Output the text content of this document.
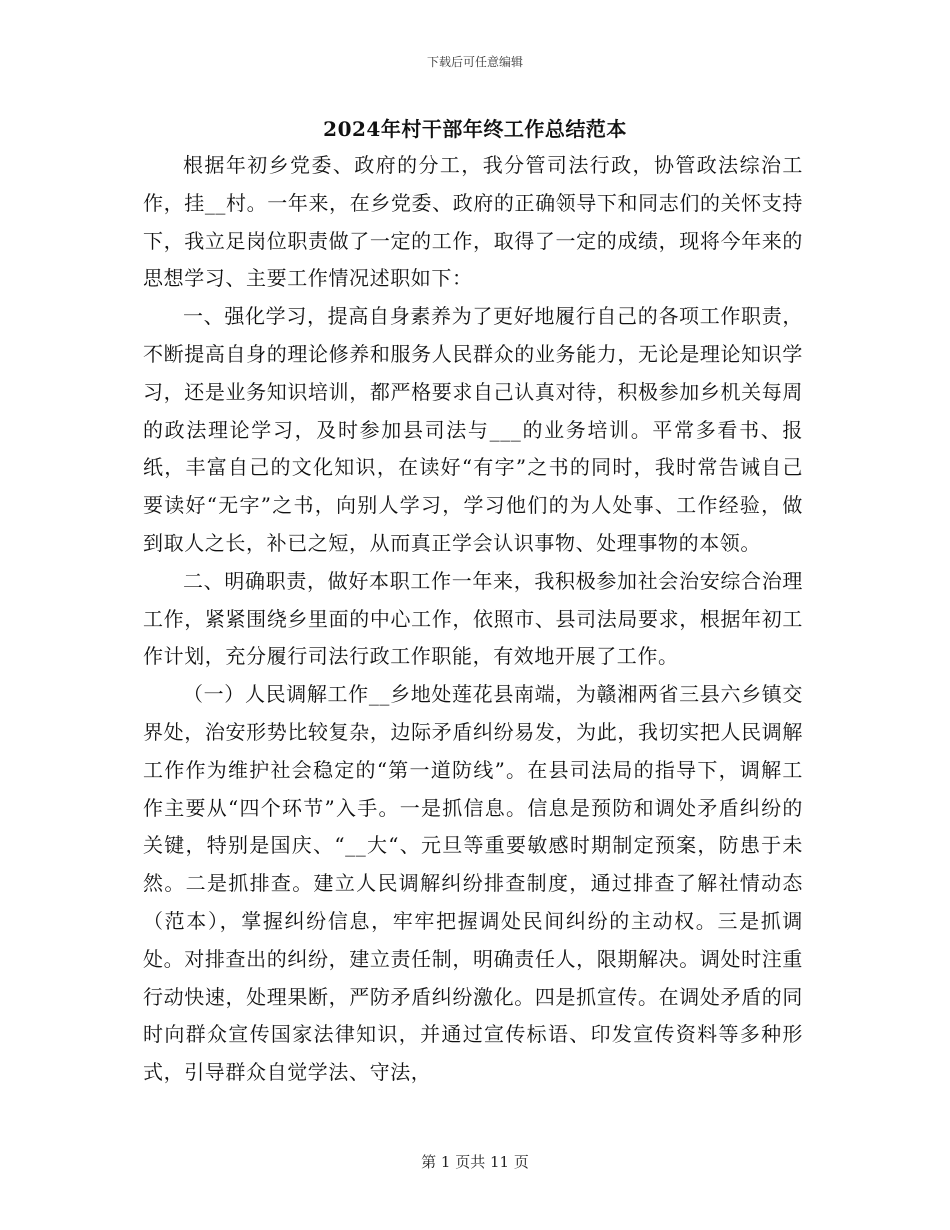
下载后可任意编辑
2024年村干部年终工作总结范本

根据年初乡党委、政府的分工，我分管司法行政，协管政法综治工作，挂__村。一年来，在乡党委、政府的正确领导下和同志们的关怀支持下，我立足岗位职责做了一定的工作，取得了一定的成绩，现将今年来的思想学习、主要工作情况述职如下：

一、强化学习，提高自身素养为了更好地履行自己的各项工作职责，不断提高自身的理论修养和服务人民群众的业务能力，无论是理论知识学习，还是业务知识培训，都严格要求自己认真对待，积极参加乡机关每周的政法理论学习，及时参加县司法与___的业务培训。平常多看书、报纸，丰富自己的文化知识，在读好“有字”之书的同时，我时常告诫自己要读好“无字”之书，向别人学习，学习他们的为人处事、工作经验，做到取人之长，补已之短，从而真正学会认识事物、处理事物的本领。

二、明确职责，做好本职工作一年来，我积极参加社会治安综合治理工作，紧紧围绕乡里面的中心工作，依照市、县司法局要求，根据年初工作计划，充分履行司法行政工作职能，有效地开展了工作。

（一）人民调解工作__乡地处莲花县南端，为赣湘两省三县六乡镇交界处，治安形势比较复杂，边际矛盾纠纷易发，为此，我切实把人民调解工作作为维护社会稳定的“第一道防线”。在县司法局的指导下，调解工作主要从“四个环节”入手。一是抓信息。信息是预防和调处矛盾纠纷的关键，特别是国庆、“__大“、元旦等重要敏感时期制定预案，防患于未然。二是抓排查。建立人民调解纠纷排查制度，通过排查了解社情动态（范本），掌握纠纷信息，牢牢把握调处民间纠纷的主动权。三是抓调处。对排查出的纠纷，建立责任制，明确责任人，限期解决。调处时注重行动快速，处理果断，严防矛盾纠纷激化。四是抓宣传。在调处矛盾的同时向群众宣传国家法律知识，并通过宣传标语、印发宣传资料等多种形式，引导群众自觉学法、守法，

第 1 页共 11 页
